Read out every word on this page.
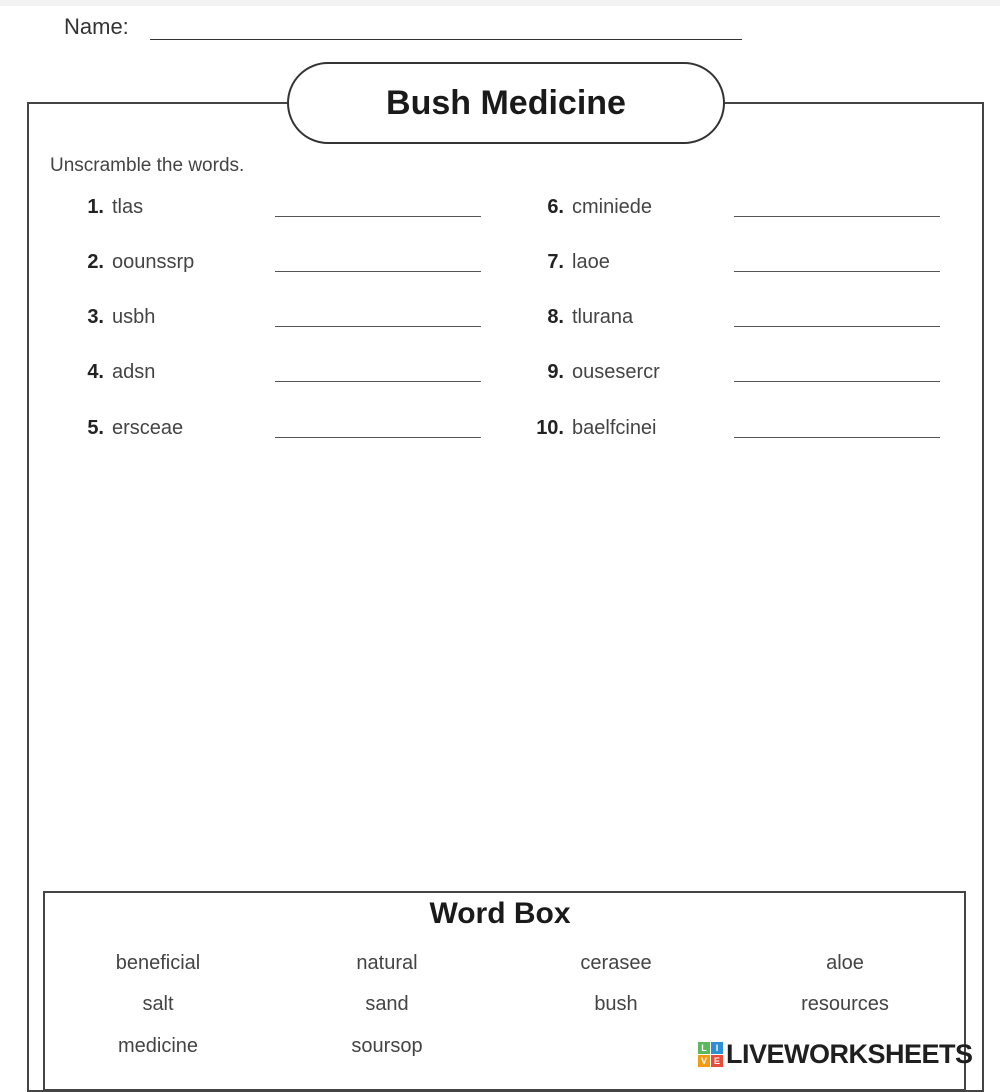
Name:
Bush Medicine
Unscramble the words.
1. tlas
2. oounssrp
3. usbh
4. adsn
5. ersceae
6. cminiede
7. laoe
8. tlurana
9. ousesercr
10. baelfcinei
Word Box
beneficial	natural	cerasee	aloe
salt	sand	bush	resources
medicine	soursop	L I
V E LIVEWORKSHEETS
